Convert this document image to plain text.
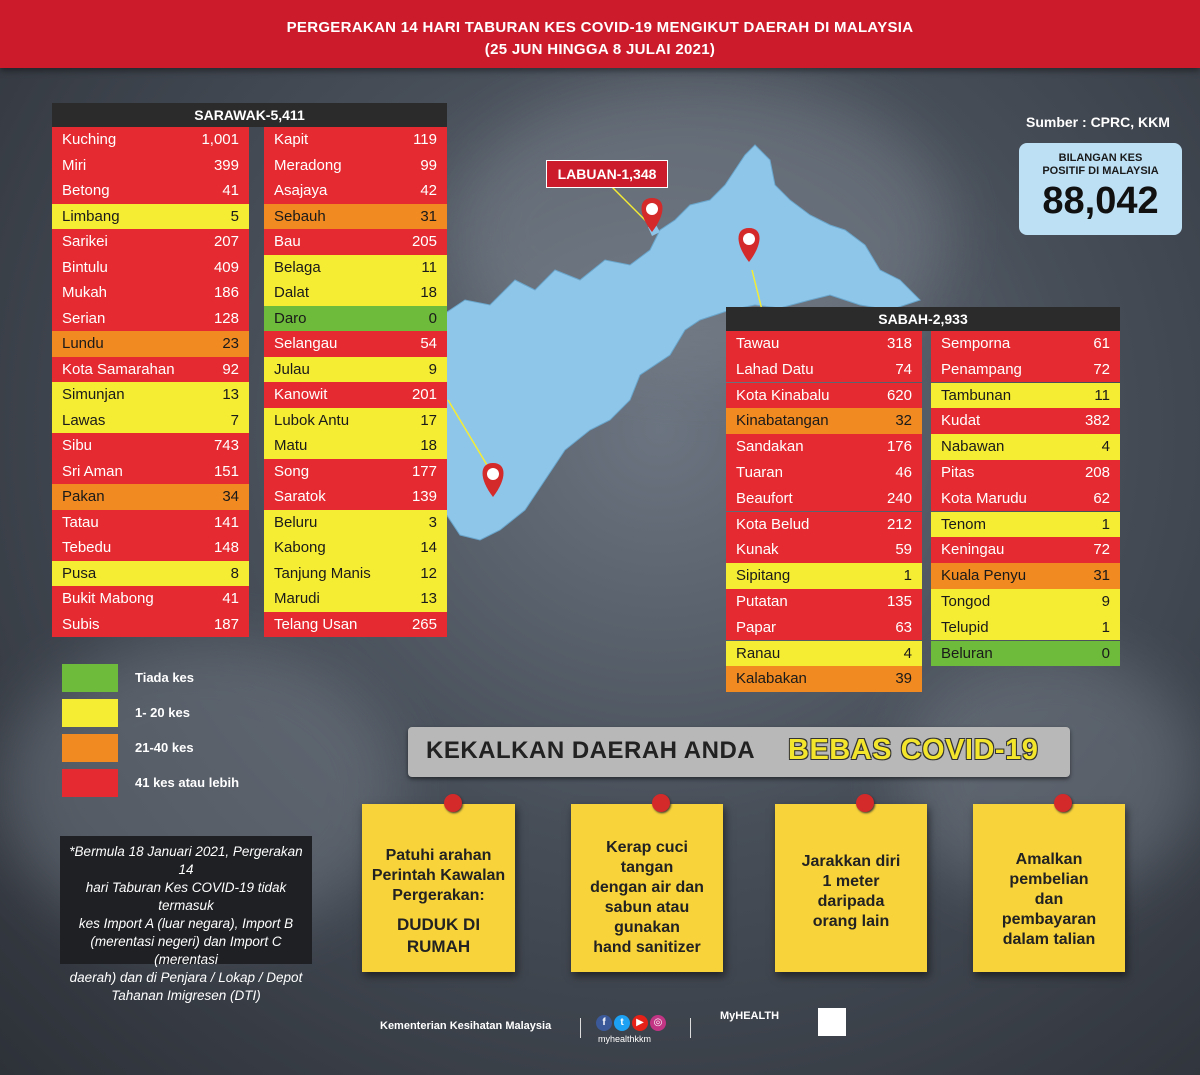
PERGERAKAN 14 HARI TABURAN KES COVID-19 MENGIKUT DAERAH DI MALAYSIA
(25 JUN HINGGA 8 JULAI 2021)
LABUAN-1,348
Sumber : CPRC, KKM
BILANGAN KES
POSITIF DI MALAYSIA
88,042
SARAWAK-5,411
Kuching	1,001
Miri	399
Betong	41
Limbang	5
Sarikei	207
Bintulu	409
Mukah	186
Serian	128
Lundu	23
Kota Samarahan	92
Simunjan	13
Lawas	7
Sibu	743
Sri Aman	151
Pakan	34
Tatau	141
Tebedu	148
Pusa	8
Bukit Mabong	41
Subis	187
Kapit	119
Meradong	99
Asajaya	42
Sebauh	31
Bau	205
Belaga	11
Dalat	18
Daro	0
Selangau	54
Julau	9
Kanowit	201
Lubok Antu	17
Matu	18
Song	177
Saratok	139
Beluru	3
Kabong	14
Tanjung Manis	12
Marudi	13
Telang Usan	265
SABAH-2,933
Tawau	318
Lahad Datu	74
Kota Kinabalu	620
Kinabatangan	32
Sandakan	176
Tuaran	46
Beaufort	240
Kota Belud	212
Kunak	59
Sipitang	1
Putatan	135
Papar	63
Ranau	4
Kalabakan	39
Semporna	61
Penampang	72
Tambunan	11
Kudat	382
Nabawan	4
Pitas	208
Kota Marudu	62
Tenom	1
Keningau	72
Kuala Penyu	31
Tongod	9
Telupid	1
Beluran	0
Tiada kes
1- 20 kes
21-40 kes
41 kes atau lebih
*Bermula 18 Januari 2021, Pergerakan 14
hari Taburan Kes COVID-19 tidak termasuk
kes Import A (luar negara), Import B
(merentasi negeri) dan Import C (merentasi
daerah) dan di Penjara / Lokap / Depot
Tahanan Imigresen (DTI)
KEKALKAN DAERAH ANDA BEBAS COVID-19
Patuhi arahan
Perintah Kawalan
Pergerakan:
DUDUK DI
RUMAH
Kerap cuci
tangan
dengan air dan
sabun atau
gunakan
hand sanitizer
Jarakkan diri
1 meter
daripada
orang lain
Amalkan
pembelian
dan
pembayaran
dalam talian
Kementerian Kesihatan Malaysia	f	t	▶ ◎
myhealthkkm
MyHEALTH
